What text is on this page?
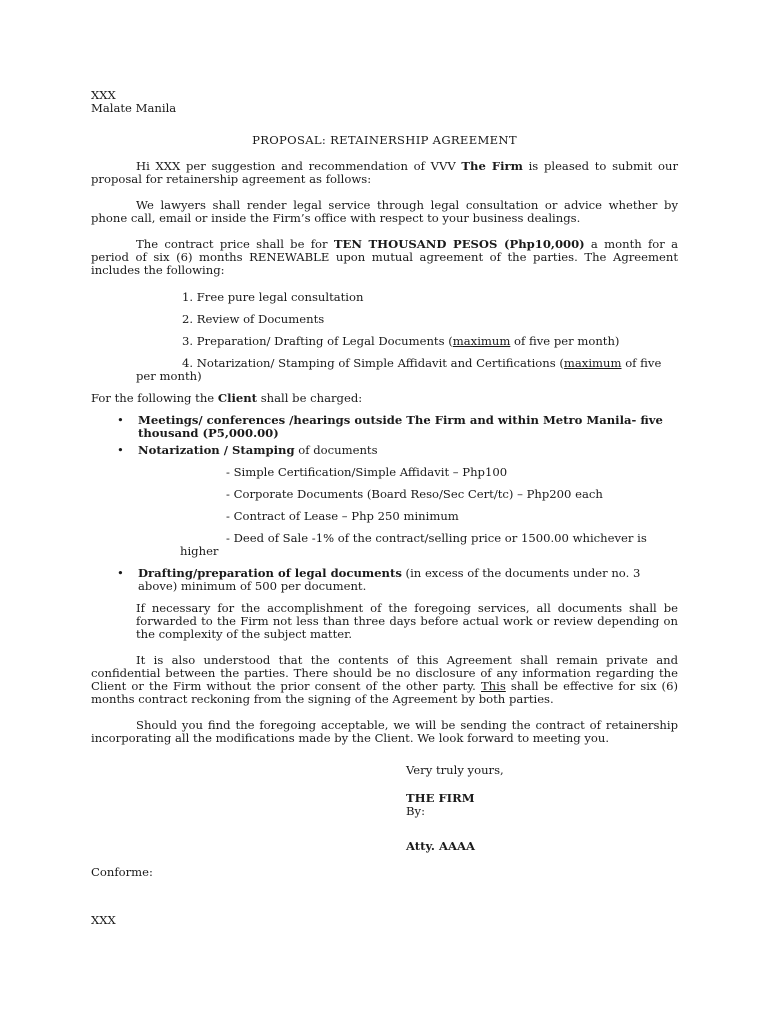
XXX

Malate Manila

PROPOSAL: RETAINERSHIP AGREEMENT

Hi XXX per suggestion and recommendation of VVV The Firm is pleased to submit our proposal for retainership agreement as follows:

We lawyers shall render legal service through legal consultation or advice whether by phone call, email or inside the Firm’s office with respect to your business dealings.

The contract price shall be for TEN THOUSAND PESOS (Php10,000) a month for a period of six (6) months RENEWABLE upon mutual agreement of the parties. The Agreement includes the following:

1. Free pure legal consultation

2. Review of Documents

3. Preparation/ Drafting of Legal Documents (maximum of five per month)

4. Notarization/ Stamping of Simple Affidavit and Certifications (maximum of five per month)

For the following the Client shall be charged:

• Meetings/ conferences /hearings outside The Firm and within Metro Manila- five thousand (P5,000.00)
• Notarization / Stamping of documents

- Simple Certification/Simple Affidavit – Php100

- Corporate Documents (Board Reso/Sec Cert/tc) – Php200 each

- Contract of Lease – Php 250 minimum

- Deed of Sale -1% of the contract/selling price or 1500.00 whichever is higher

• Drafting/preparation of legal documents (in excess of the documents under no. 3 above) minimum of 500 per document.

If necessary for the accomplishment of the foregoing services, all documents shall be forwarded to the Firm not less than three days before actual work or review depending on the complexity of the subject matter.

It is also understood that the contents of this Agreement shall remain private and confidential between the parties. There should be no disclosure of any information regarding the Client or the Firm without the prior consent of the other party. This shall be effective for six (6) months contract reckoning from the signing of the Agreement by both parties.

Should you find the foregoing acceptable, we will be sending the contract of retainership incorporating all the modifications made by the Client. We look forward to meeting you.

Very truly yours,

THE FIRM

By:

Atty. AAAA

Conforme:

XXX
